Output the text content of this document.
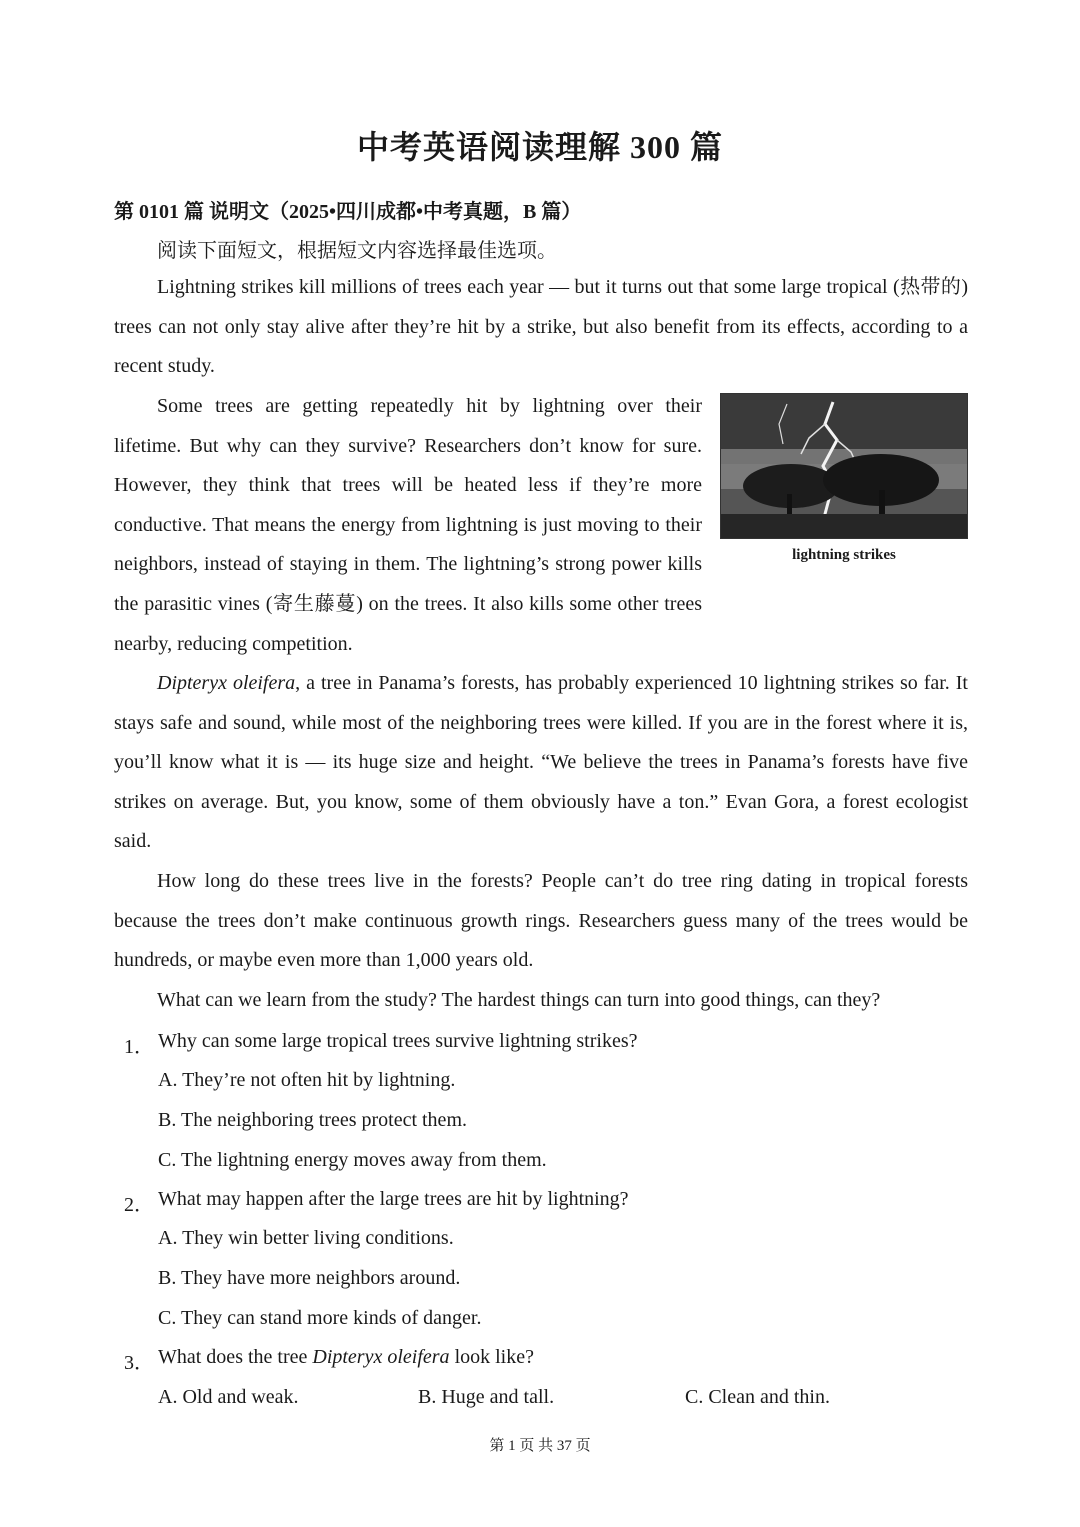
中考英语阅读理解 300 篇
第 0101 篇 说明文（2025•四川成都•中考真题，B 篇）
阅读下面短文，根据短文内容选择最佳选项。
Lightning strikes kill millions of trees each year — but it turns out that some large tropical (热带的) trees can not only stay alive after they’re hit by a strike, but also benefit from its effects, according to a recent study.
lightning strikes
Some trees are getting repeatedly hit by lightning over their lifetime. But why can they survive? Researchers don’t know for sure. However, they think that trees will be heated less if they’re more conductive. That means the energy from lightning is just moving to their neighbors, instead of staying in them. The lightning’s strong power kills the parasitic vines (寄生藤蔓) on the trees. It also kills some other trees nearby, reducing competition.
Dipteryx oleifera, a tree in Panama’s forests, has probably experienced 10 lightning strikes so far. It stays safe and sound, while most of the neighboring trees were killed. If you are in the forest where it is, you’ll know what it is — its huge size and height. “We believe the trees in Panama’s forests have five strikes on average. But, you know, some of them obviously have a ton.” Evan Gora, a forest ecologist said.
How long do these trees live in the forests? People can’t do tree ring dating in tropical forests because the trees don’t make continuous growth rings. Researchers guess many of the trees would be hundreds, or maybe even more than 1,000 years old.
What can we learn from the study? The hardest things can turn into good things, can they?
1． Why can some large tropical trees survive lightning strikes?
A. They’re not often hit by lightning.
B. The neighboring trees protect them.
C. The lightning energy moves away from them.
2． What may happen after the large trees are hit by lightning?
A. They win better living conditions.
B. They have more neighbors around.
C. They can stand more kinds of danger.
3． What does the tree Dipteryx oleifera look like?
A. Old and weak.	B. Huge and tall.	C. Clean and thin.
第 1 页 共 37 页
